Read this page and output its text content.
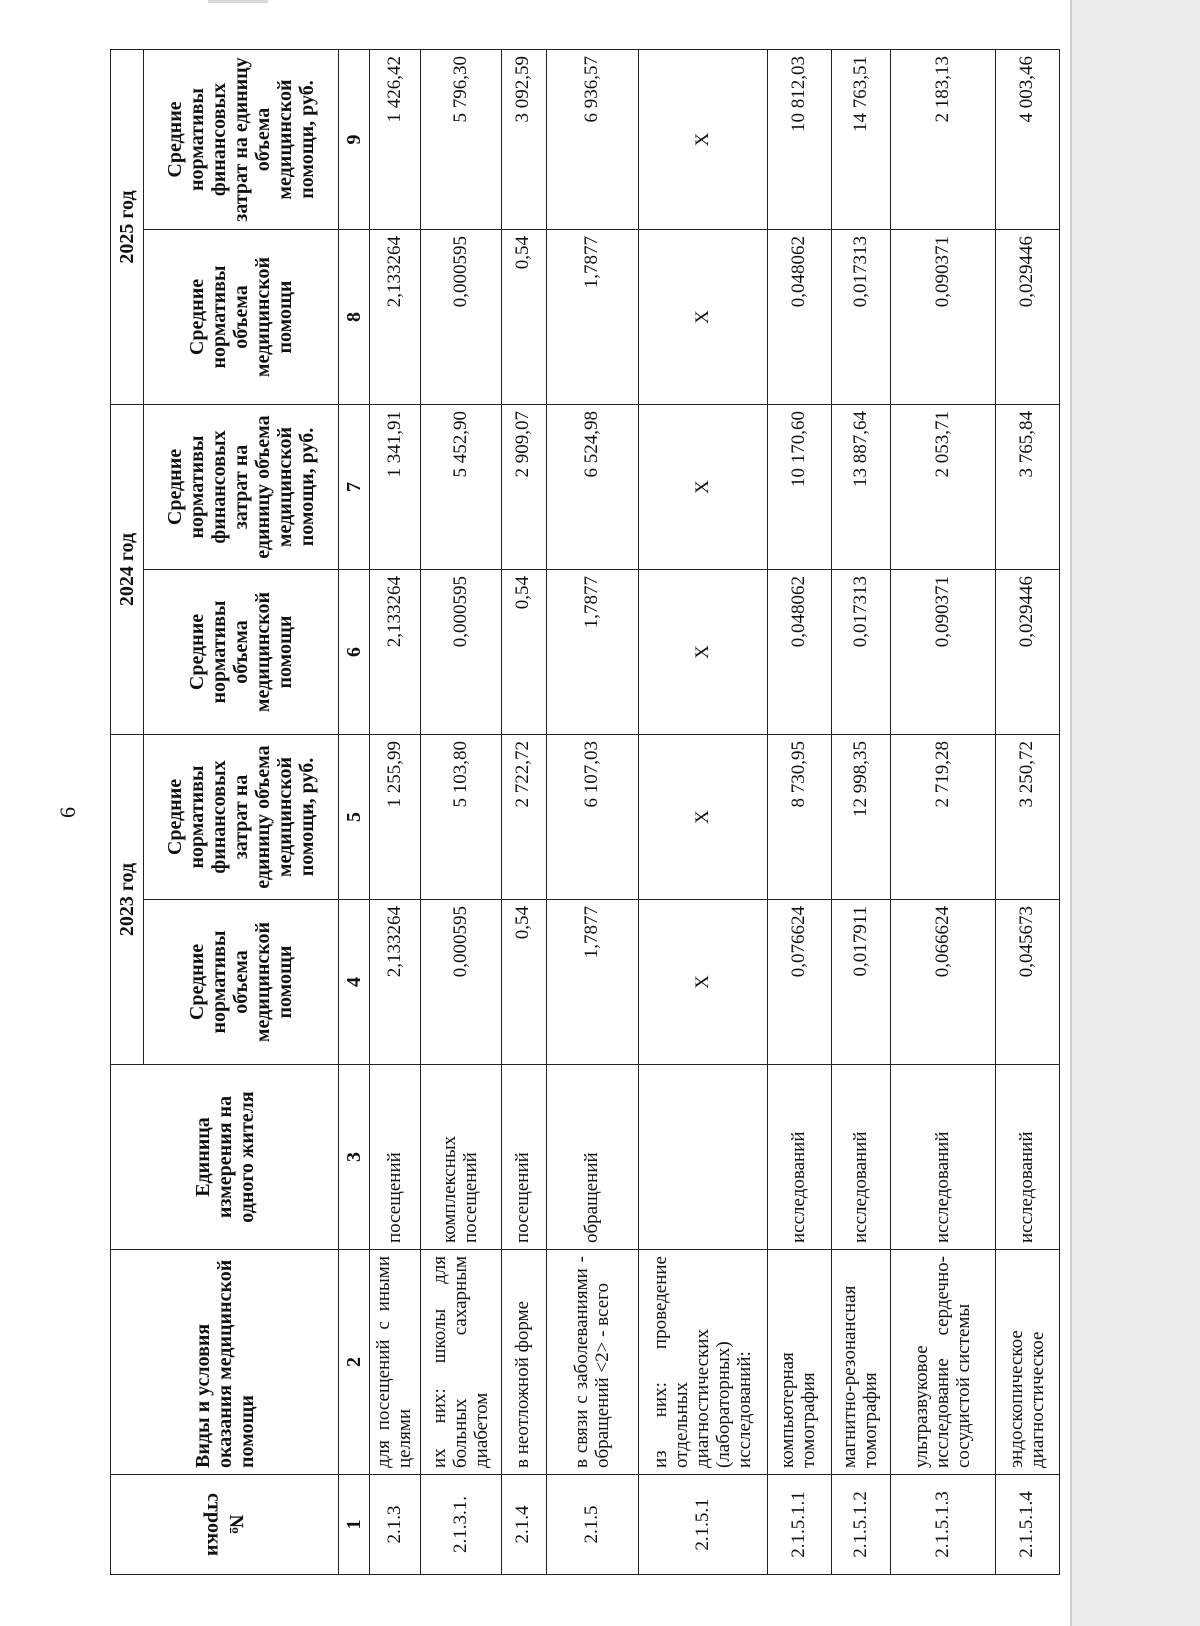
6
№ строки	Виды и условия оказания медицинской помощи	Единица измерения на одного жителя	2023 год		2024 год		2025 год	
			Средние нормативы объема медицинской помощи	Средние нормативы финансовых затрат на единицу объема медицинской помощи, руб.	Средние нормативы объема медицинской помощи	Средние нормативы финансовых затрат на единицу объема медицинской помощи, руб.	Средние нормативы объема медицинской помощи	Средние нормативы финансовых затрат на единицу объема медицинской помощи, руб.
1	2	3	4	5	6	7	8	9
2.1.3	для посещений с иными целями	посещений	2,133264	1 255,99	2,133264	1 341,91	2,133264	1 426,42
2.1.3.1.	их них: школы для больных сахарным диабетом	комплексных посещений	0,000595	5 103,80	0,000595	5 452,90	0,000595	5 796,30
2.1.4	в неотложной форме	посещений	0,54	2 722,72	0,54	2 909,07	0,54	3 092,59
2.1.5	в связи с заболеваниями - обращений <2> - всего	обращений	1,7877	6 107,03	1,7877	6 524,98	1,7877	6 936,57
2.1.5.1	из них: проведение отдельных диагностических (лабораторных) исследований:		X	X	X	X	X	X
2.1.5.1.1	компьютерная томография	исследований	0,076624	8 730,95	0,048062	10 170,60	0,048062	10 812,03
2.1.5.1.2	магнитно-резонансная томография	исследований	0,017911	12 998,35	0,017313	13 887,64	0,017313	14 763,51
2.1.5.1.3	ультразвуковое исследование сердечно-сосудистой системы	исследований	0,066624	2 719,28	0,090371	2 053,71	0,090371	2 183,13
2.1.5.1.4	эндоскопическое диагностическое	исследований	0,045673	3 250,72	0,029446	3 765,84	0,029446	4 003,46
